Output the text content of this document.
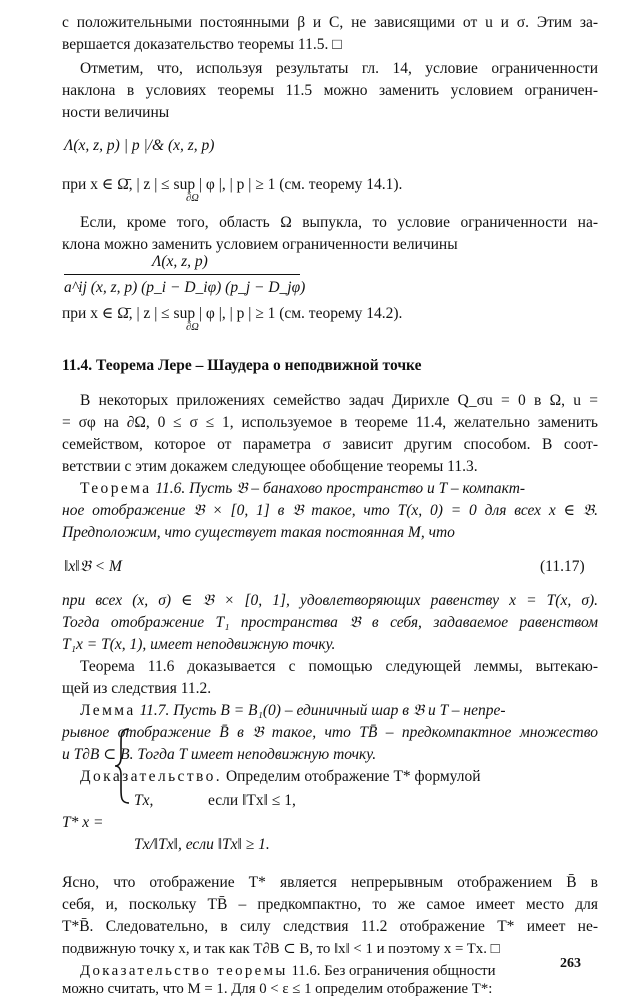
с положительными постоянными β и C, не зависящими от u и σ. Этим за-
вершается доказательство теоремы 11.5. □
Отметим, что, используя результаты гл. 14, условие ограниченности
наклона в условиях теоремы 11.5 можно заменить условием ограничен-
ности величины
Λ(x, z, p) | p |/& (x, z, p)
при x ∈ Ω̄, | z | ≤ sup | φ |, | p | ≥ 1 (см. теорему 14.1).
∂Ω
Если, кроме того, область Ω выпукла, то условие ограниченности на-
клона можно заменить условием ограниченности величины
Λ(x, z, p)
a^ij (x, z, p) (p_i − D_iφ) (p_j − D_jφ)
при x ∈ Ω̄, | z | ≤ sup | φ |, | p | ≥ 1 (см. теорему 14.2).
∂Ω
11.4. Теорема Лере – Шаудера о неподвижной точке
В некоторых приложениях семейство задач Дирихле Q_σu = 0 в Ω, u =
= σφ на ∂Ω, 0 ≤ σ ≤ 1, используемое в теореме 11.4, желательно заменить
семейством, которое от параметра σ зависит другим способом. В соот-
ветствии с этим докажем следующее обобщение теоремы 11.3.
Теорема 11.6. Пусть 𝔅 – банахово пространство и T – компакт-
ное отображение 𝔅 × [0, 1] в 𝔅 такое, что T(x, 0) = 0 для всех x ∈ 𝔅.
Предположим, что существует такая постоянная M, что
‖x‖𝔅 < M	(11.17)
при всех (x, σ) ∈ 𝔅 × [0, 1], удовлетворяющих равенству x = T(x, σ).
Тогда отображение T₁ пространства 𝔅 в себя, задаваемое равенством
T₁x = T(x, 1), имеет неподвижную точку.
Теорема 11.6 доказывается с помощью следующей леммы, вытекаю-
щей из следствия 11.2.
Лемма 11.7. Пусть B = B₁(0) – единичный шар в 𝔅 и T – непре-
рывное отображение B̄ в 𝔅 такое, что TB̄ – предкомпактное множество
и T∂B ⊂ B. Тогда T имеет неподвижную точку.
Доказательство. Определим отображение T* формулой
T* x =
Tx,	если ‖Tx‖ ≤ 1,
Tx/‖Tx‖, если ‖Tx‖ ≥ 1.
Ясно, что отображение T* является непрерывным отображением B̄ в
себя, и, поскольку TB̄ – предкомпактно, то же самое имеет место для
T*B̄. Следовательно, в силу следствия 11.2 отображение T* имеет не-
подвижную точку x, и так как T∂B ⊂ B, то ‖x‖ < 1 и поэтому x = Tx. □
Доказательство теоремы 11.6. Без ограничения общности
можно считать, что M = 1. Для 0 < ε ≤ 1 определим отображение T*:
263
